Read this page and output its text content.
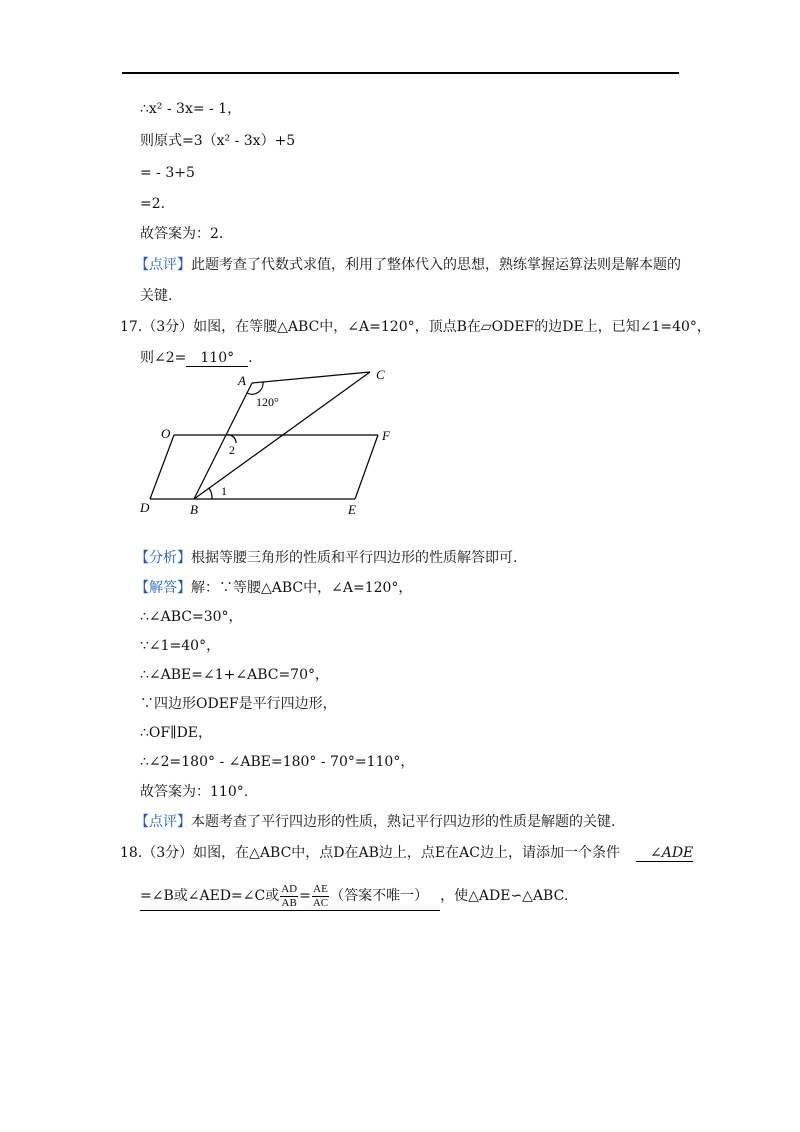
∴x² - 3x= - 1，
则原式=3（x² - 3x）+5
= - 3+5
=2.
故答案为：2.
【点评】此题考查了代数式求值，利用了整体代入的思想，熟练掌握运算法则是解本题的
关键.
17.（3分）如图，在等腰△ABC中，∠A=120°，顶点B在▱ODEF的边DE上，已知∠1=40°，
则∠2= 110° .
A	C
O	F
D	B	E
120°
2
1
【分析】根据等腰三角形的性质和平行四边形的性质解答即可.
【解答】解：∵等腰△ABC中，∠A=120°，
∴∠ABC=30°，
∵∠1=40°，
∴∠ABE=∠1+∠ABC=70°，
∵四边形ODEF是平行四边形，
∴OF∥DE，
∴∠2=180° - ∠ABE=180° - 70°=110°，
故答案为：110°.
【点评】本题考查了平行四边形的性质，熟记平行四边形的性质是解题的关键.
18.（3分）如图，在△ABC中，点D在AB边上，点E在AC边上，请添加一个条件 ∠ADE
=∠B或∠AED=∠C或 $\frac{AD}{AB} = \frac{AE}{AC}$ （答案不唯一） ，使△ADE∽△ABC.
